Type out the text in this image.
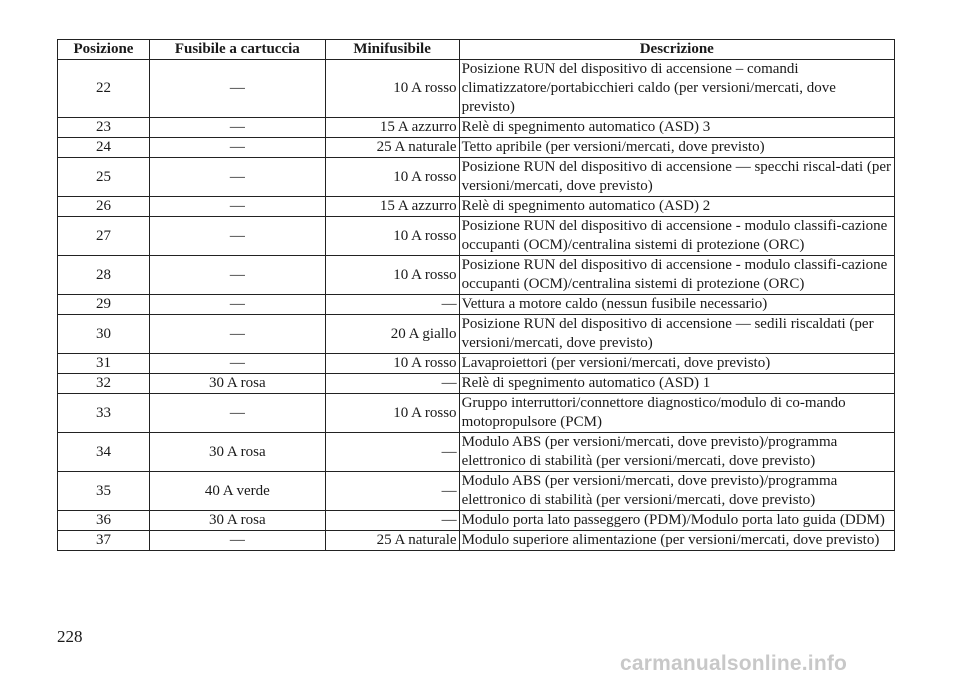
Posizione	Fusibile a cartuccia	Minifusibile	Descrizione
22	—	10 A rosso	Posizione RUN del dispositivo di accensione – comandi climatizzatore/portabicchieri caldo (per versioni/mercati, dove previsto)
23	—	15 A azzurro	Relè di spegnimento automatico (ASD) 3
24	—	25 A naturale	Tetto apribile (per versioni/mercati, dove previsto)
25	—	10 A rosso	Posizione RUN del dispositivo di accensione — specchi riscal-dati (per versioni/mercati, dove previsto)
26	—	15 A azzurro	Relè di spegnimento automatico (ASD) 2
27	—	10 A rosso	Posizione RUN del dispositivo di accensione - modulo classifi-cazione occupanti (OCM)/centralina sistemi di protezione (ORC)
28	—	10 A rosso	Posizione RUN del dispositivo di accensione - modulo classifi-cazione occupanti (OCM)/centralina sistemi di protezione (ORC)
29	—	—	Vettura a motore caldo (nessun fusibile necessario)
30	—	20 A giallo	Posizione RUN del dispositivo di accensione — sedili riscaldati (per versioni/mercati, dove previsto)
31	—	10 A rosso	Lavaproiettori (per versioni/mercati, dove previsto)
32	30 A rosa	—	Relè di spegnimento automatico (ASD) 1
33	—	10 A rosso	Gruppo interruttori/connettore diagnostico/modulo di co-mando motopropulsore (PCM)
34	30 A rosa	—	Modulo ABS (per versioni/mercati, dove previsto)/programma elettronico di stabilità (per versioni/mercati, dove previsto)
35	40 A verde	—	Modulo ABS (per versioni/mercati, dove previsto)/programma elettronico di stabilità (per versioni/mercati, dove previsto)
36	30 A rosa	—	Modulo porta lato passeggero (PDM)/Modulo porta lato guida (DDM)
37	—	25 A naturale	Modulo superiore alimentazione (per versioni/mercati, dove previsto)
228
carmanualsonline.info
